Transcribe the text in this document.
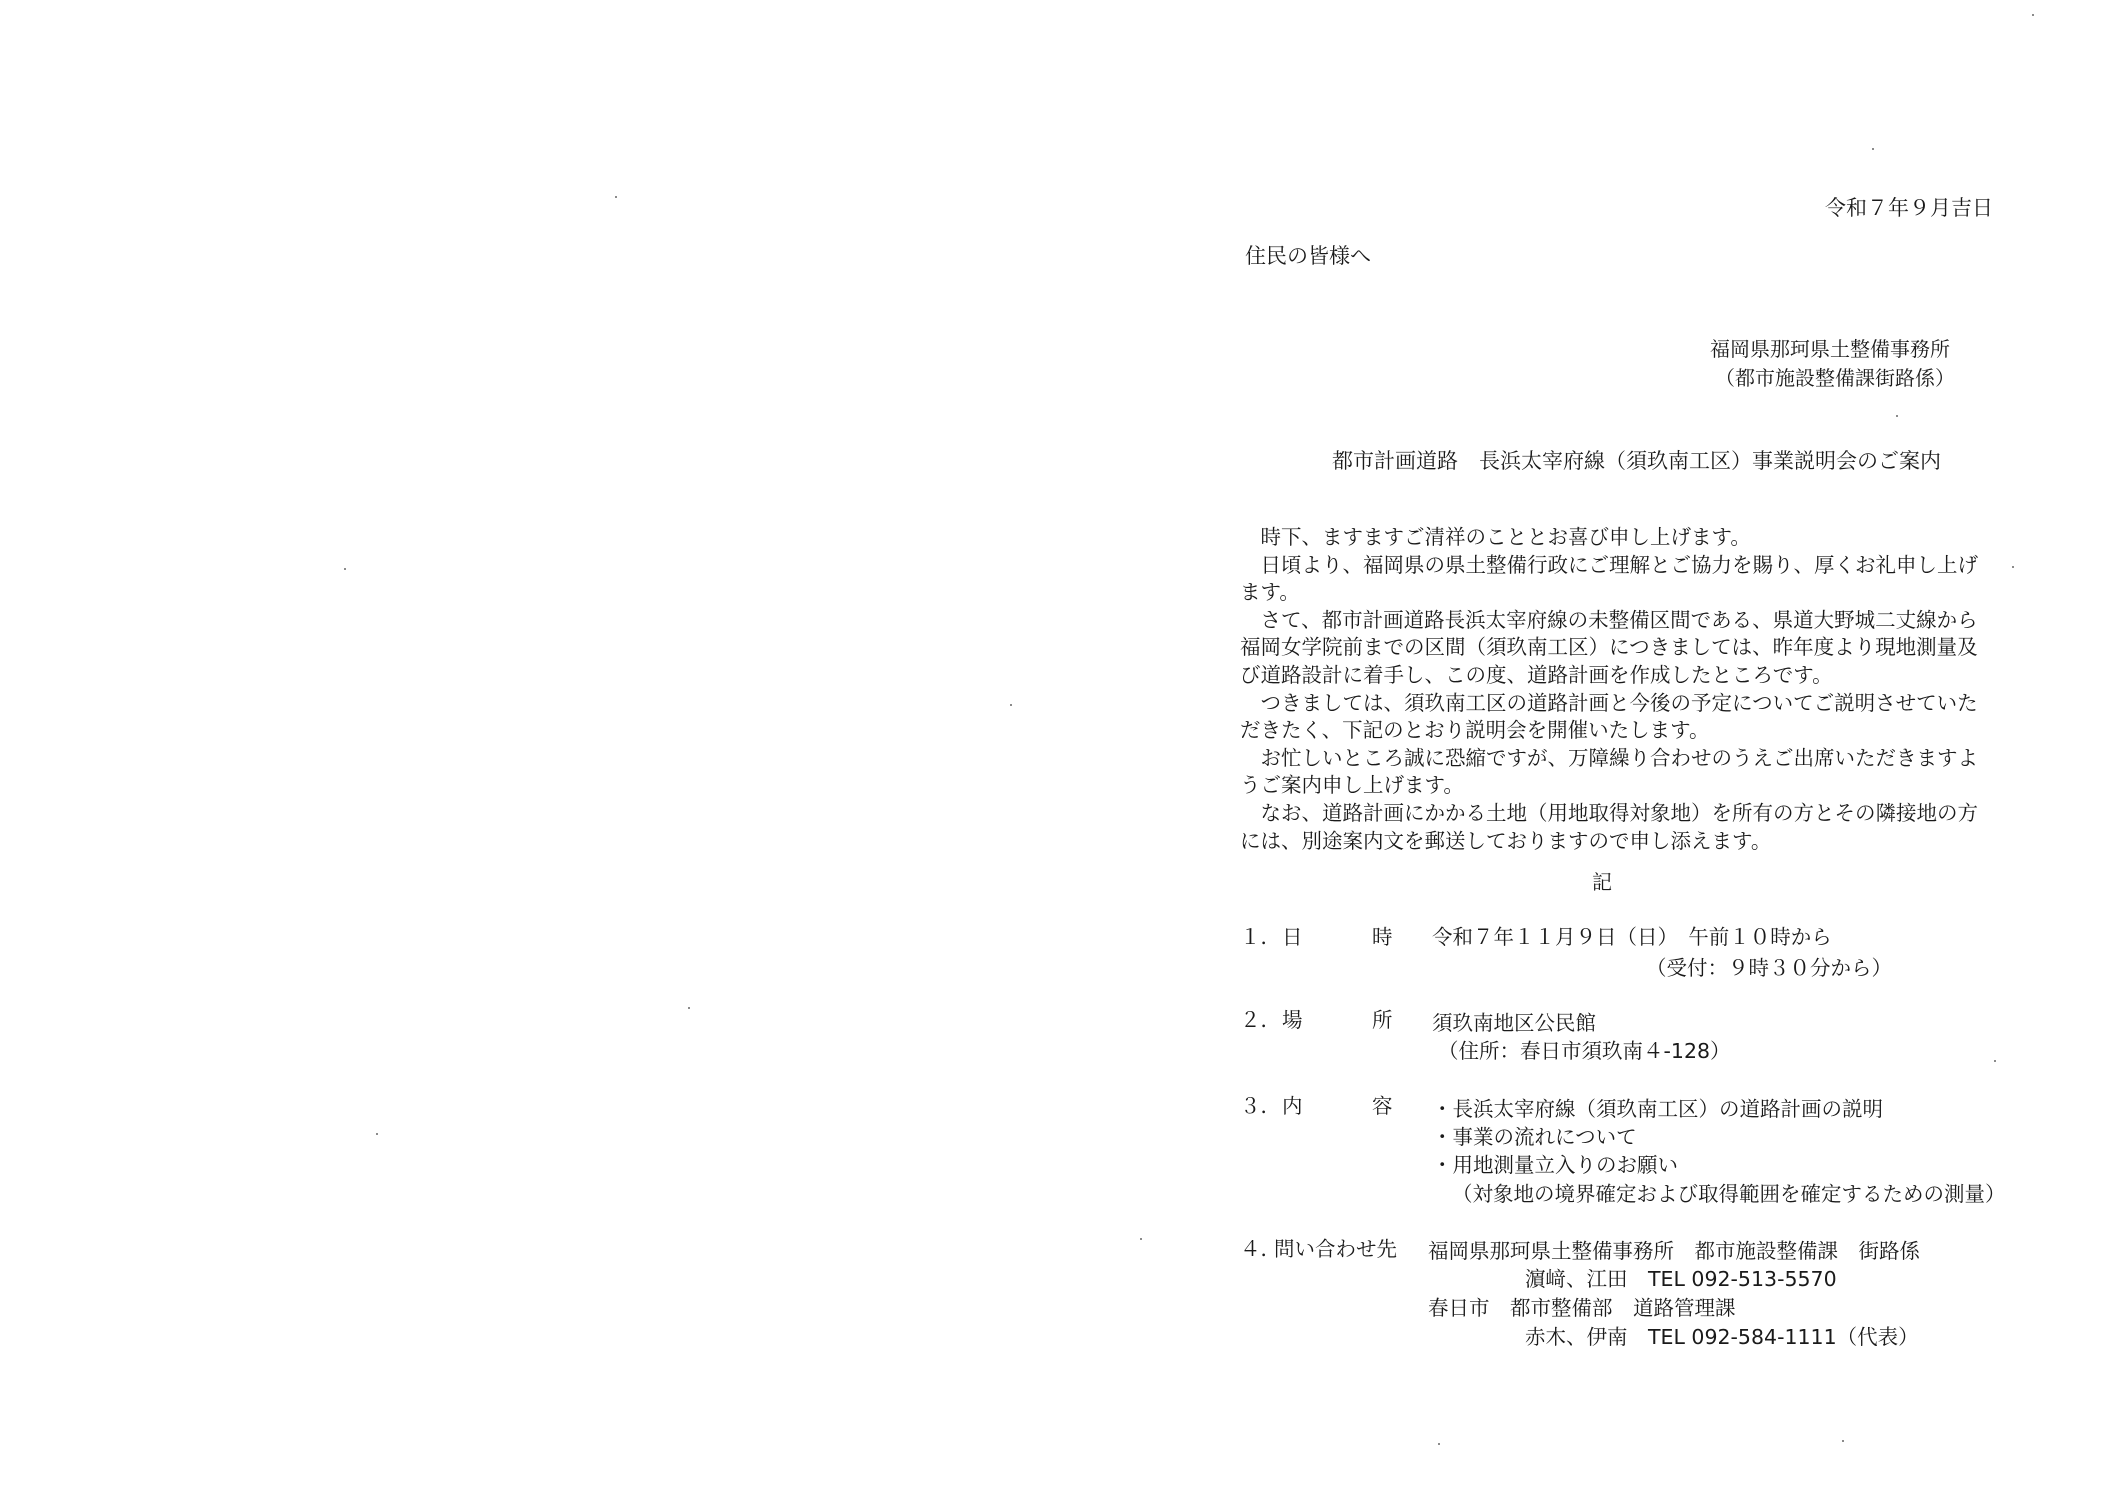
令和７年９月吉日
住民の皆様へ
福岡県那珂県土整備事務所
（都市施設整備課街路係）
都市計画道路　長浜太宰府線（須玖南工区）事業説明会のご案内

時下、ますますご清祥のこととお喜び申し上げます。

日頃より、福岡県の県土整備行政にご理解とご協力を賜り、厚くお礼申し上げます。

さて、都市計画道路長浜太宰府線の未整備区間である、県道大野城二丈線から福岡女学院前までの区間（須玖南工区）につきましては、昨年度より現地測量及び道路設計に着手し、この度、道路計画を作成したところです。

つきましては、須玖南工区の道路計画と今後の予定についてご説明させていただきたく、下記のとおり説明会を開催いたします。

お忙しいところ誠に恐縮ですが、万障繰り合わせのうえご出席いただきますようご案内申し上げます。

なお、道路計画にかかる土地（用地取得対象地）を所有の方とその隣接地の方には、別途案内文を郵送しておりますので申し添えます。

記
１． 日	時 令和７年１１月９日（日）　午前１０時から
（受付：９時３０分から）
２． 場	所 須玖南地区公民館
（住所：春日市須玖南４-128）
３． 内	容 ・長浜太宰府線（須玖南工区）の道路計画の説明
・事業の流れについて
・用地測量立入りのお願い
（対象地の境界確定および取得範囲を確定するための測量）
４．
問い合わせ先 福岡県那珂県土整備事務所　都市施設整備課　街路係
濵﨑、江田　TEL 092-513-5570
春日市　都市整備部　道路管理課
赤木、伊南　TEL 092-584-1111（代表）
